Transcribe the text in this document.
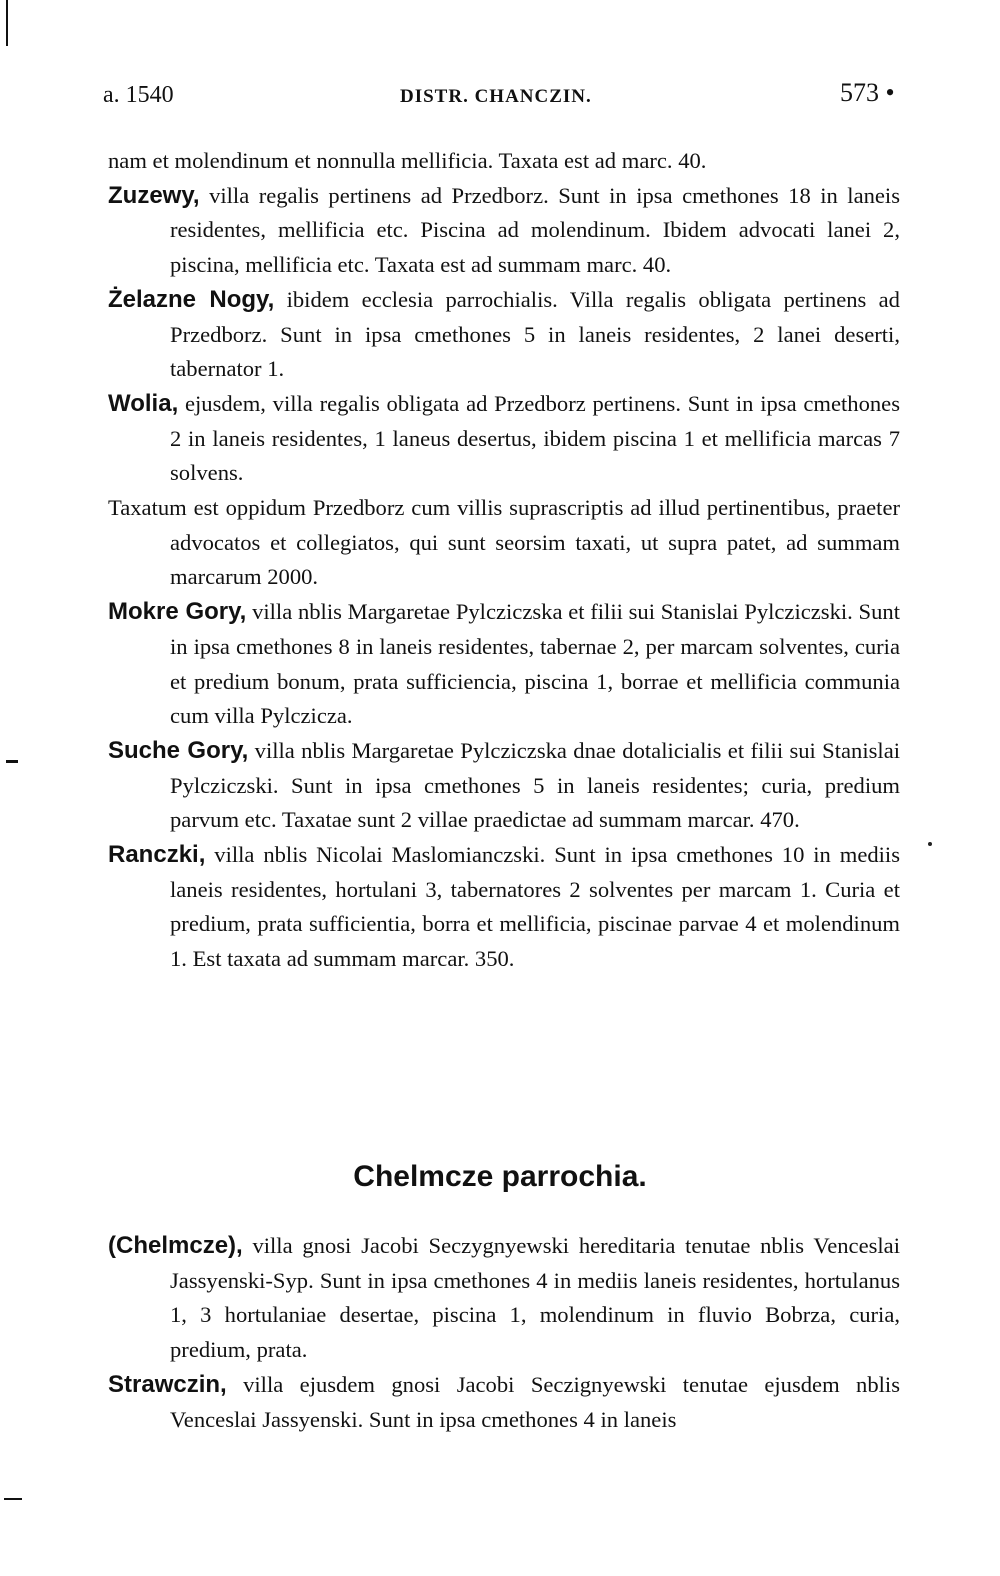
a. 1540	DISTR. CHANCZIN.	573 •

nam et molendinum et nonnulla mellificia. Taxata est ad marc. 40.

Zuzewy, villa regalis pertinens ad Przedborz. Sunt in ipsa cmethones 18 in laneis residentes, mellificia etc. Piscina ad molendinum. Ibidem advocati lanei 2, piscina, mellificia etc. Taxata est ad summam marc. 40.

Żelazne Nogy, ibidem ecclesia parrochialis. Villa regalis obligata pertinens ad Przedborz. Sunt in ipsa cmethones 5 in laneis residentes, 2 lanei deserti, tabernator 1.

Wolia, ejusdem, villa regalis obligata ad Przedborz pertinens. Sunt in ipsa cmethones 2 in laneis residentes, 1 laneus desertus, ibidem piscina 1 et mellificia marcas 7 solvens.

Taxatum est oppidum Przedborz cum villis suprascriptis ad illud pertinentibus, praeter advocatos et collegiatos, qui sunt seorsim taxati, ut supra patet, ad summam marcarum 2000.

Mokre Gory, villa nblis Margaretae Pylcziczska et filii sui Stanislai Pylcziczski. Sunt in ipsa cmethones 8 in laneis residentes, tabernae 2, per marcam solventes, curia et predium bonum, prata sufficiencia, piscina 1, borrae et mellificia communia cum villa Pylczicza.

Suche Gory, villa nblis Margaretae Pylcziczska dnae dotalicialis et filii sui Stanislai Pylcziczski. Sunt in ipsa cmethones 5 in laneis residentes; curia, predium parvum etc. Taxatae sunt 2 villae praedictae ad summam marcar. 470.

Ranczki, villa nblis Nicolai Maslomianczski. Sunt in ipsa cmethones 10 in mediis laneis residentes, hortulani 3, tabernatores 2 solventes per marcam 1. Curia et predium, prata sufficientia, borra et mellificia, piscinae parvae 4 et molendinum 1. Est taxata ad summam marcar. 350.

Chelmcze parrochia.

(Chelmcze), villa gnosi Jacobi Seczygnyewski hereditaria tenutae nblis Venceslai Jassyenski-Syp. Sunt in ipsa cmethones 4 in mediis laneis residentes, hortulanus 1, 3 hortulaniae desertae, piscina 1, molendinum in fluvio Bobrza, curia, predium, prata.

Strawczin, villa ejusdem gnosi Jacobi Seczignyewski tenutae ejusdem nblis Venceslai Jassyenski. Sunt in ipsa cmethones 4 in laneis
